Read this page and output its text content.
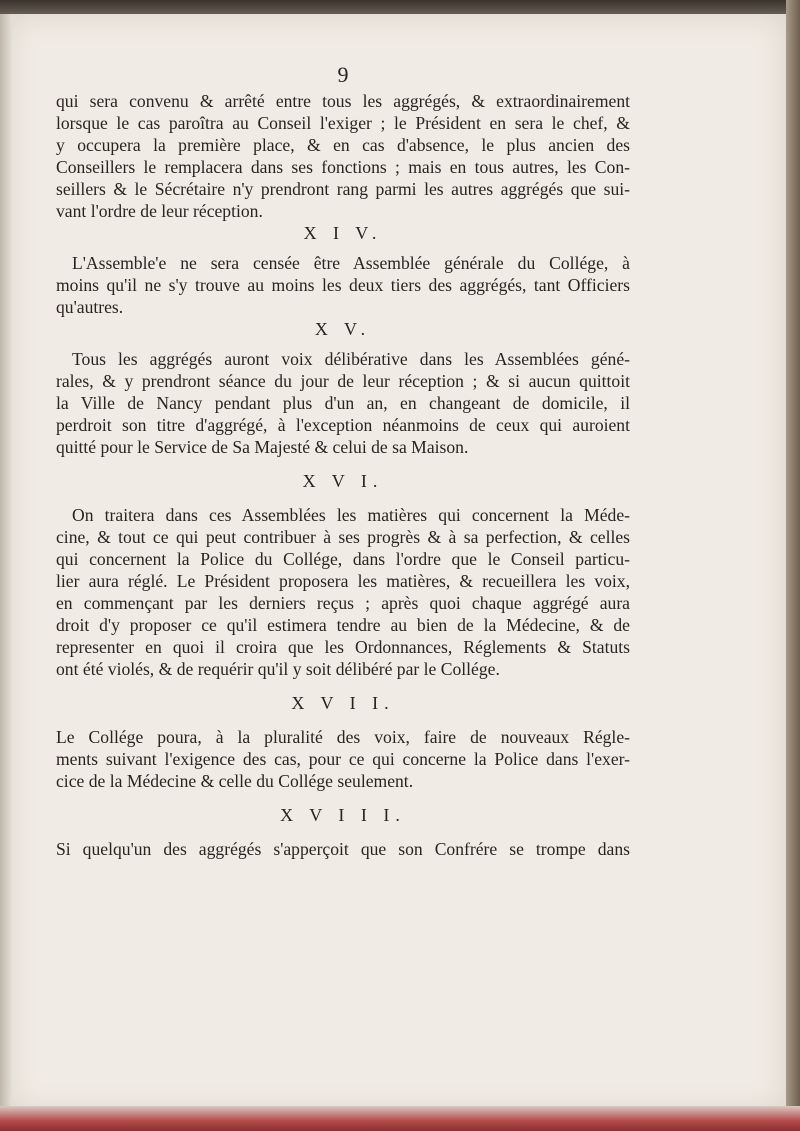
9
qui sera convenu & arrêté entre tous les aggrégés, & extraordinairement
lorsque le cas paroîtra au Conseil l'exiger ; le Président en sera le chef, &
y occupera la première place, & en cas d'absence, le plus ancien des
Conseillers le remplacera dans ses fonctions ; mais en tous autres, les Con-
seillers & le Sécrétaire n'y prendront rang parmi les autres aggrégés que sui-
vant l'ordre de leur réception.
X I V.
L'Assemble'e ne sera censée être Assemblée générale du Collége, à
moins qu'il ne s'y trouve au moins les deux tiers des aggrégés, tant Officiers
qu'autres.
X V.
Tous les aggrégés auront voix délibérative dans les Assemblées géné-
rales, & y prendront séance du jour de leur réception ; & si aucun quittoit
la Ville de Nancy pendant plus d'un an, en changeant de domicile, il
perdroit son titre d'aggrégé, à l'exception néanmoins de ceux qui auroient
quitté pour le Service de Sa Majesté & celui de sa Maison.
X V I.
On traitera dans ces Assemblées les matières qui concernent la Méde-
cine, & tout ce qui peut contribuer à ses progrès & à sa perfection, & celles
qui concernent la Police du Collége, dans l'ordre que le Conseil particu-
lier aura réglé. Le Président proposera les matières, & recueillera les voix,
en commençant par les derniers reçus ; après quoi chaque aggrégé aura
droit d'y proposer ce qu'il estimera tendre au bien de la Médecine, & de
representer en quoi il croira que les Ordonnances, Réglements & Statuts
ont été violés, & de requérir qu'il y soit délibéré par le Collége.
X V I I.
Le Collége poura, à la pluralité des voix, faire de nouveaux Régle-
ments suivant l'exigence des cas, pour ce qui concerne la Police dans l'exer-
cice de la Médecine & celle du Collége seulement.
X V I I I.
Si quelqu'un des aggrégés s'apperçoit que son Confrére se trompe dans
